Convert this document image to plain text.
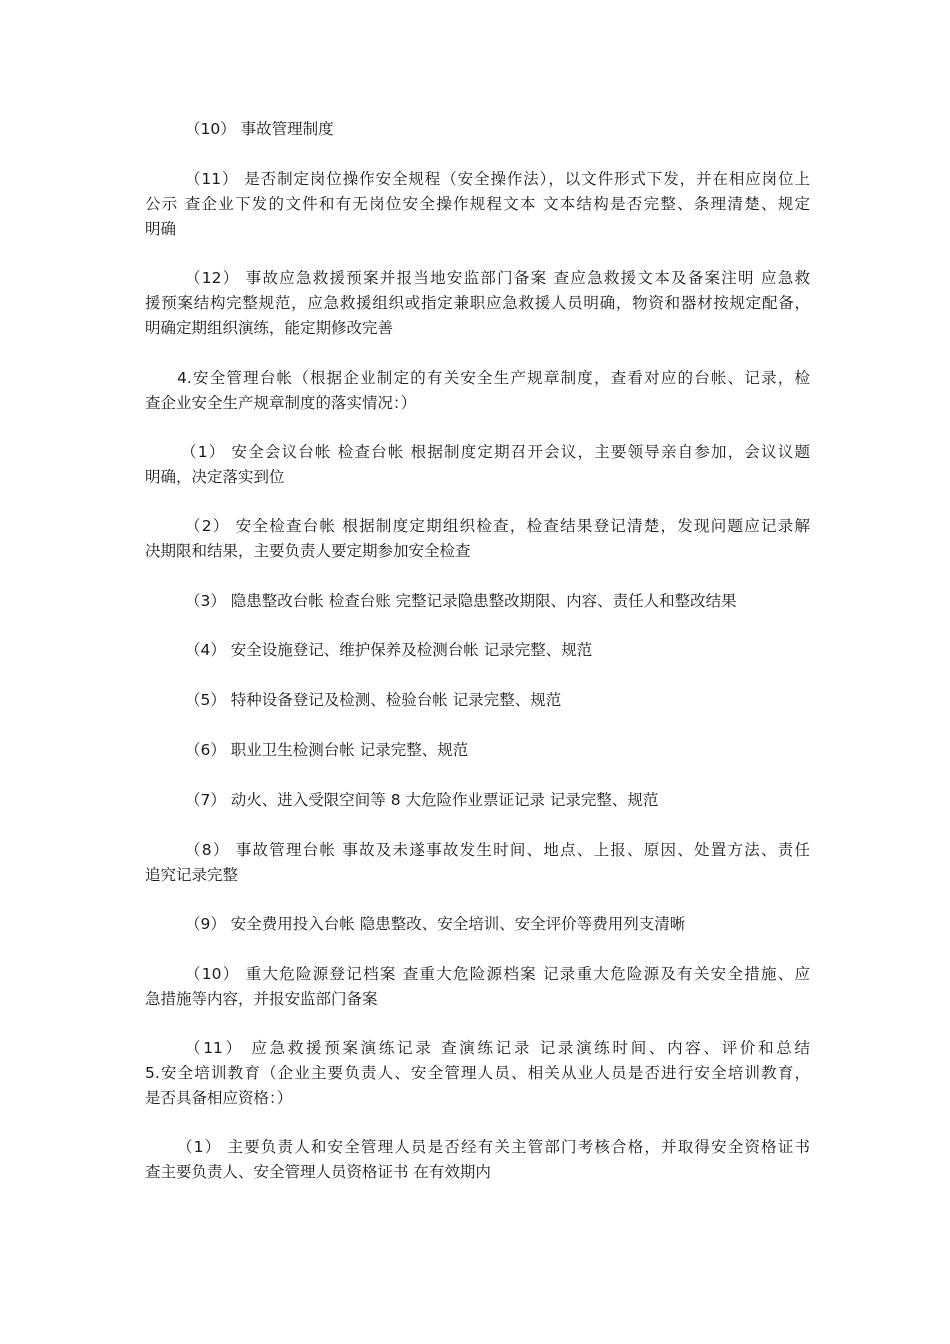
（10） 事故管理制度
（11） 是否制定岗位操作安全规程（安全操作法），以文件形式下发，并在相应岗位上
公示 查企业下发的文件和有无岗位安全操作规程文本 文本结构是否完整、条理清楚、规定
明确
（12） 事故应急救援预案并报当地安监部门备案 查应急救援文本及备案注明 应急救
援预案结构完整规范，应急救援组织或指定兼职应急救援人员明确，物资和器材按规定配备，
明确定期组织演练，能定期修改完善
4.安全管理台帐（根据企业制定的有关安全生产规章制度，查看对应的台帐、记录，检
查企业安全生产规章制度的落实情况：）
（1） 安全会议台帐 检查台帐 根据制度定期召开会议，主要领导亲自参加，会议议题
明确，决定落实到位
（2） 安全检查台帐 根据制度定期组织检查，检查结果登记清楚，发现问题应记录解
决期限和结果，主要负责人要定期参加安全检查
（3） 隐患整改台帐 检查台账 完整记录隐患整改期限、内容、责任人和整改结果
（4） 安全设施登记、维护保养及检测台帐 记录完整、规范
（5） 特种设备登记及检测、检验台帐 记录完整、规范
（6） 职业卫生检测台帐 记录完整、规范
（7） 动火、进入受限空间等 8 大危险作业票证记录 记录完整、规范
（8） 事故管理台帐 事故及未遂事故发生时间、地点、上报、原因、处置方法、责任
追究记录完整
（9） 安全费用投入台帐 隐患整改、安全培训、安全评价等费用列支清晰
（10） 重大危险源登记档案 查重大危险源档案 记录重大危险源及有关安全措施、应
急措施等内容，并报安监部门备案
（11） 应急救援预案演练记录 查演练记录 记录演练时间、内容、评价和总结
5.安全培训教育（企业主要负责人、安全管理人员、相关从业人员是否进行安全培训教育，
是否具备相应资格：）
（1） 主要负责人和安全管理人员是否经有关主管部门考核合格，并取得安全资格证书
查主要负责人、安全管理人员资格证书 在有效期内
